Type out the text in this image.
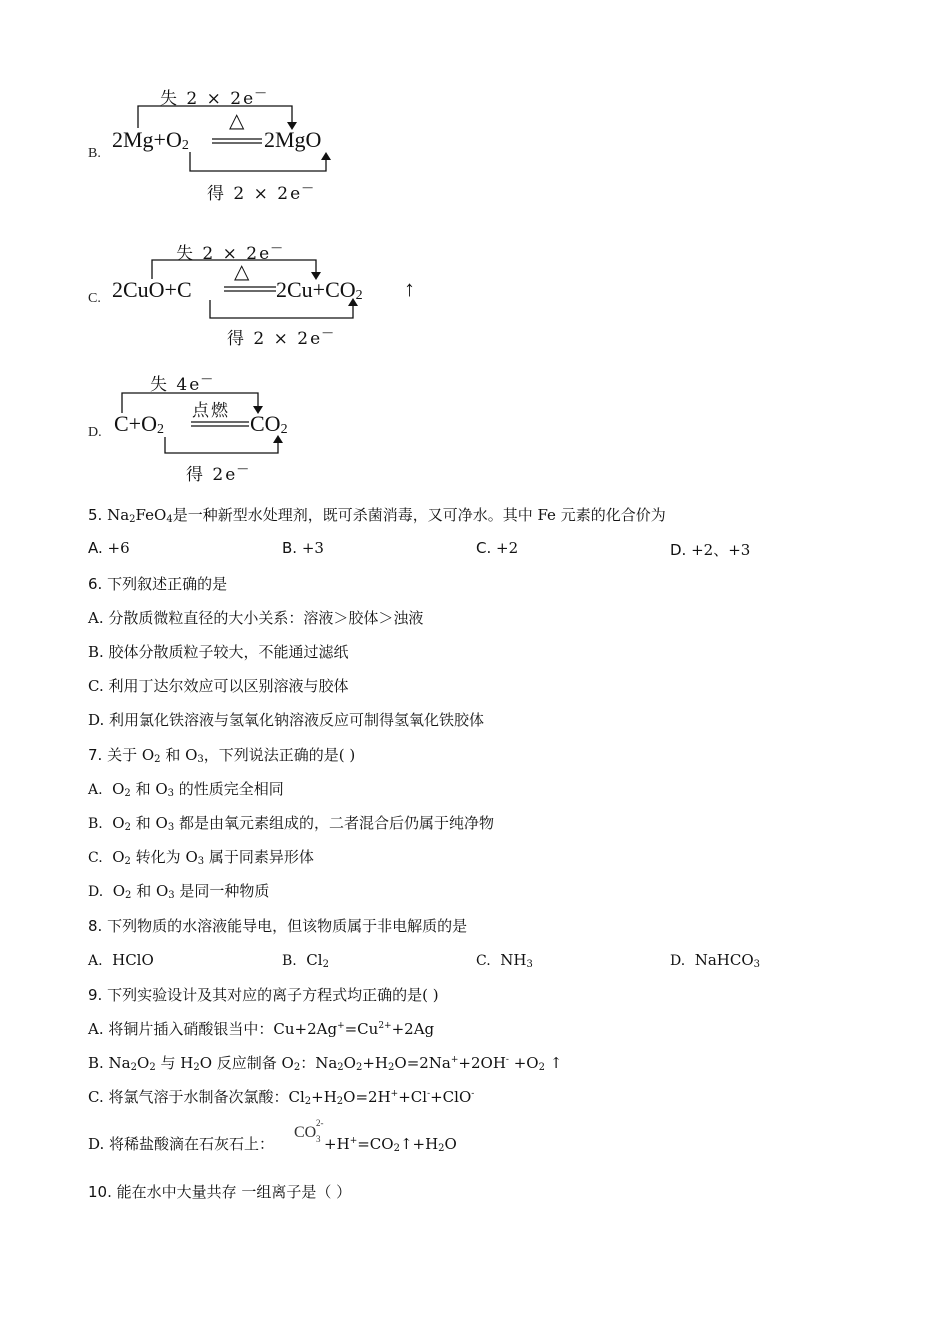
B.
失 2 × 2e—
得 2 × 2e—
$2Mg+O_2$
△
2MgO
C.
失 2 × 2e—
得 2 × 2e—
2CuO+C
△
$2Cu+CO_2$ ↑
D.
失 4e—
点燃
得 2e—
$C+O_2$	$CO_2$
5. $Na_2FeO_4$是一种新型水处理剂，既可杀菌消毒，又可净水。其中 Fe 元素的化合价为
A. +6	B. +3	C. +2	D. +2、+3
6. 下列叙述正确的是
A. 分散质微粒直径的大小关系：溶液＞胶体＞浊液
B. 胶体分散质粒子较大，不能通过滤纸
C. 利用丁达尔效应可以区别溶液与胶体
D. 利用氯化铁溶液与氢氧化钠溶液反应可制得氢氧化铁胶体
7. 关于 $O_2$ 和 $O_3$，下列说法正确的是( )
A. $O_2$ 和 $O_3$ 的性质完全相同
B. $O_2$ 和 $O_3$ 都是由氧元素组成的，二者混合后仍属于纯净物
C. $O_2$ 转化为 $O_3$ 属于同素异形体
D. $O_2$ 和 $O_3$ 是同一种物质
8. 下列物质的水溶液能导电，但该物质属于非电解质的是
A. HClO	B. $Cl_2$	C. $NH_3$	D. NaHCO$_3$
9. 下列实验设计及其对应的离子方程式均正确的是( )
A. 将铜片插入硝酸银当中：$Cu+2Ag^+=Cu^{2+}+2Ag$
B. $Na_2O_2$ 与 $H_2O$ 反应制备 $O_2$：$Na_2O_2+H_2O=2Na^++2OH^- +O_2$ ↑
C. 将氯气溶于水制备次氯酸：$Cl_2+H_2O=2H^++Cl^-+ClO^-$
D. 将稀盐酸滴在石灰石上：	$+H^+=CO_2↑+H_2O$
CO
2-
3
10. 能在水中大量共存 一组离子是（ ）
